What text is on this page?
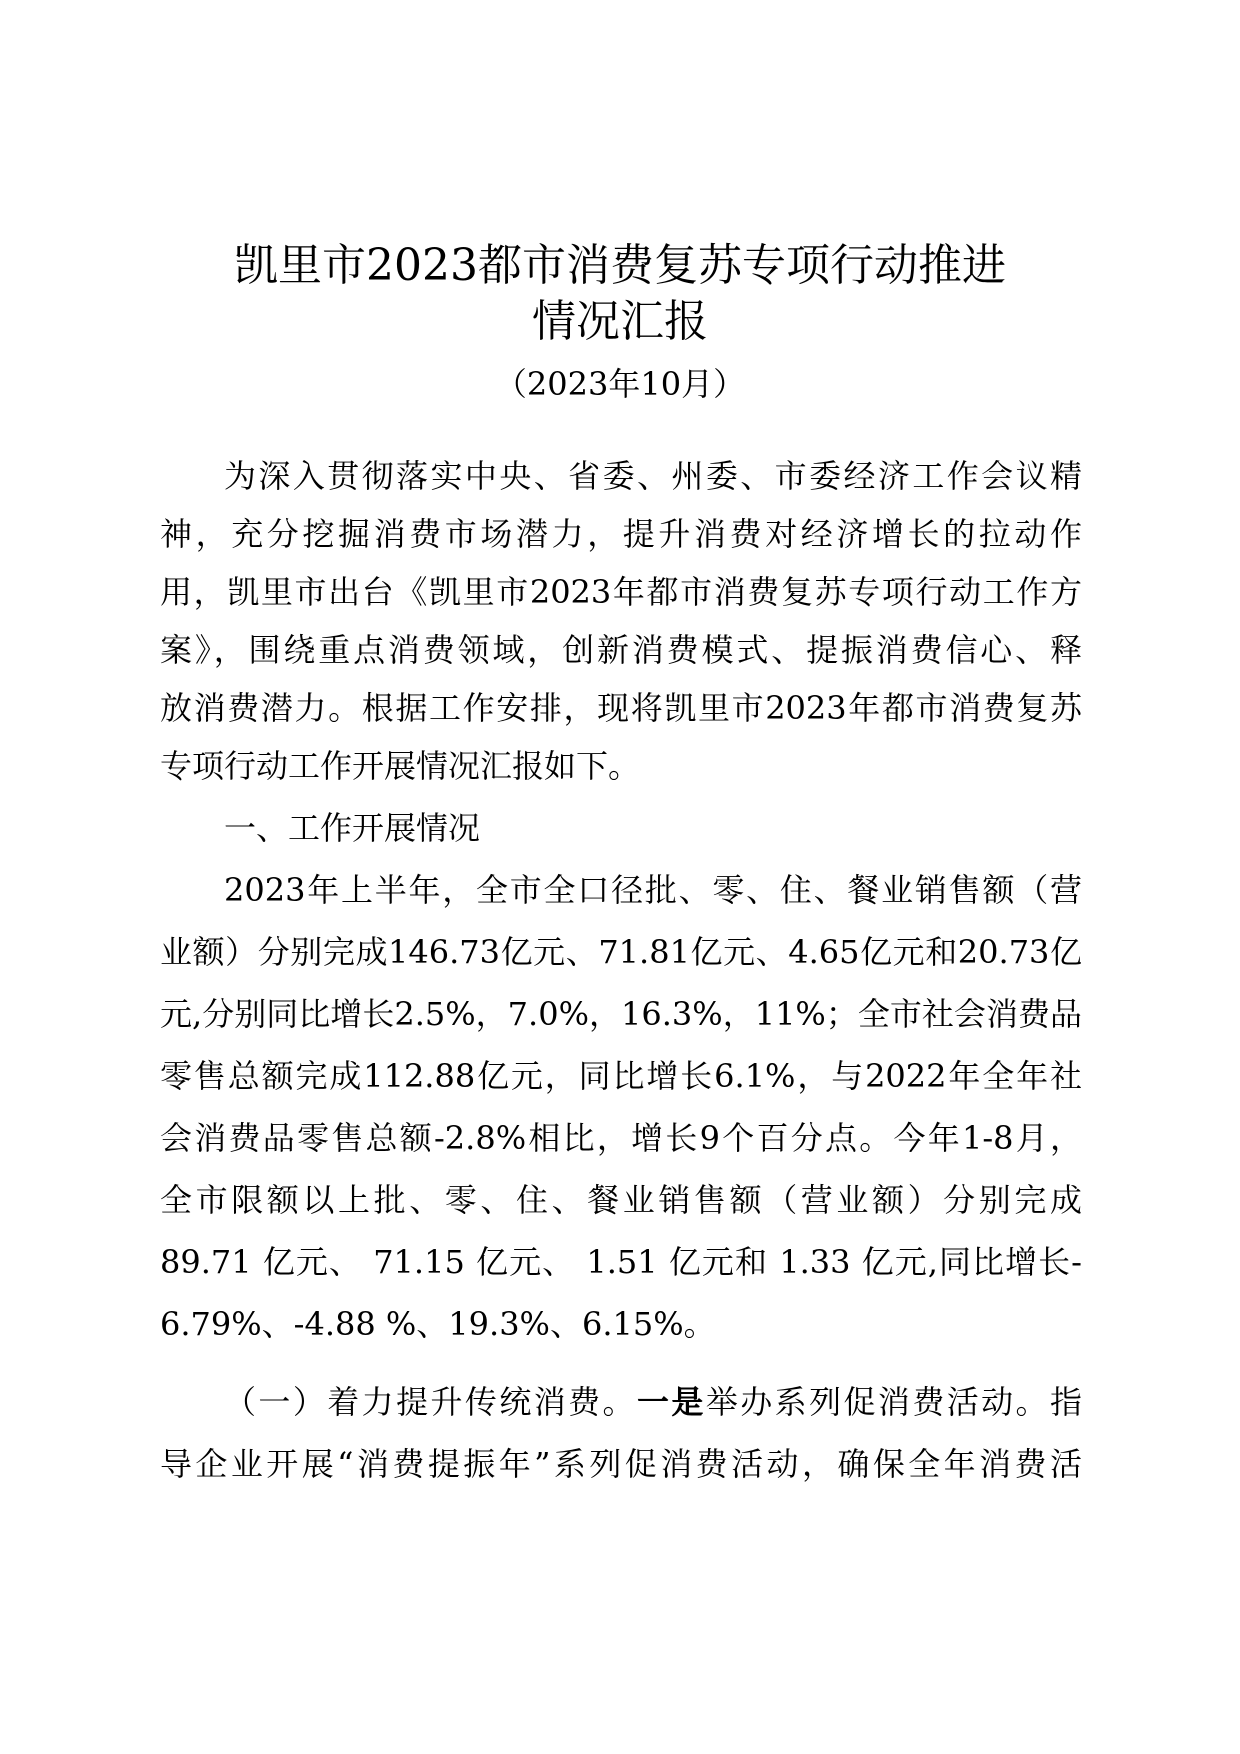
凯里市2023都市消费复苏专项行动推进
情况汇报
（2023年10月）
为深入贯彻落实中央、省委、州委、市委经济工作会议精
神，充分挖掘消费市场潜力，提升消费对经济增长的拉动作
用，凯里市出台《凯里市2023年都市消费复苏专项行动工作方
案》，围绕重点消费领域，创新消费模式、提振消费信心、释
放消费潜力。根据工作安排，现将凯里市2023年都市消费复苏
专项行动工作开展情况汇报如下。
一、工作开展情况
2023年上半年，全市全口径批、零、住、餐业销售额（营
业额）分别完成146.73亿元、71.81亿元、4.65亿元和20.73亿
元,分别同比增长2.5%，7.0%，16.3%，11%；全市社会消费品
零售总额完成112.88亿元，同比增长6.1%，与2022年全年社
会消费品零售总额-2.8%相比，增长9个百分点。今年1-8月，
全市限额以上批、零、住、餐业销售额（营业额）分别完成
89.71 亿元、 71.15 亿元、 1.51 亿元和 1.33 亿元,同比增长-
6.79%、-4.88 %、19.3%、6.15%。
（一）着力提升传统消费。一是举办系列促消费活动。指
导企业开展“消费提振年”系列促消费活动，确保全年消费活
